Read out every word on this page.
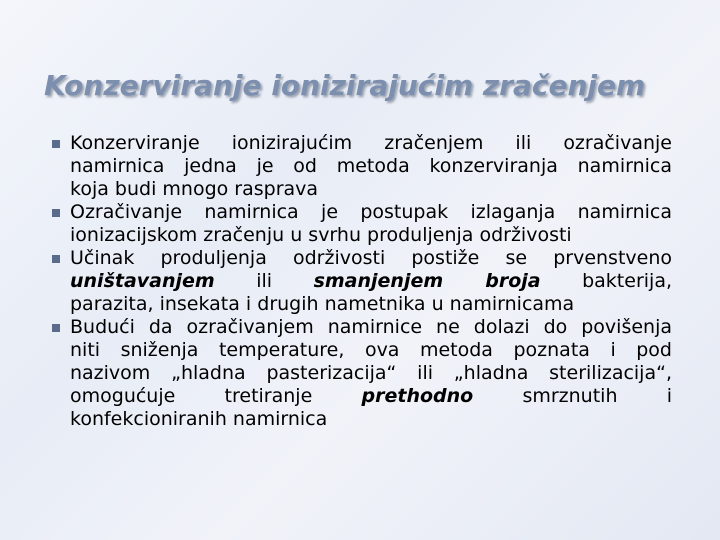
Konzerviranje ionizirajućim zračenjem
Konzerviranje ionizirajućim zračenjem ili ozračivanje
namirnica jedna je od metoda konzerviranja namirnica
koja budi mnogo rasprava
Ozračivanje namirnica je postupak izlaganja namirnica
ionizacijskom zračenju u svrhu produljenja održivosti
Učinak produljenja održivosti postiže se prvenstveno
uništavanjem ili smanjenjem broja bakterija,
parazita, insekata i drugih nametnika u namirnicama
Budući da ozračivanjem namirnice ne dolazi do povišenja
niti sniženja temperature, ova metoda poznata i pod
nazivom „hladna pasterizacija“ ili „hladna sterilizacija“,
omogućuje tretiranje prethodno smrznutih i
konfekcioniranih namirnica
